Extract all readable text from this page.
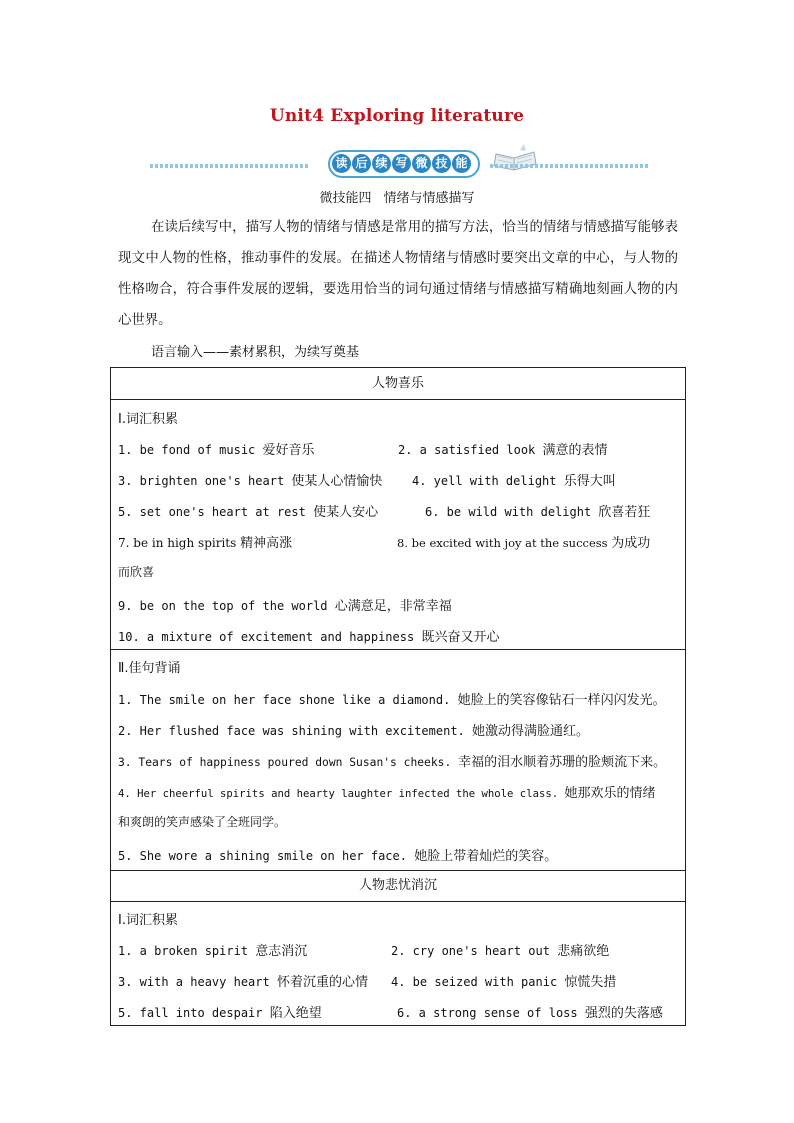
Unit4 Exploring literature
读 后 续 写 微 技 能
微技能四 情绪与情感描写
在读后续写中，描写人物的情绪与情感是常用的描写方法，恰当的情绪与情感描写能够表现文中人物的性格，推动事件的发展。在描述人物情绪与情感时要突出文章的中心，与人物的性格吻合，符合事件发展的逻辑，要选用恰当的词句通过情绪与情感描写精确地刻画人物的内心世界。
语言输入——素材累积，为续写奠基
人物喜乐
Ⅰ.词汇积累
1. be fond of music 爱好音乐	2. a satisfied look 满意的表情
3. brighten one's heart 使某人心情愉快	4. yell with delight 乐得大叫
5. set one's heart at rest 使某人安心	6. be wild with delight 欣喜若狂
7. be in high spirits 精神高涨	8. be excited with joy at the success 为成功
而欣喜
9. be on the top of the world 心满意足，非常幸福
10. a mixture of excitement and happiness 既兴奋又开心
Ⅱ.佳句背诵
1. The smile on her face shone like a diamond. 她脸上的笑容像钻石一样闪闪发光。
2. Her flushed face was shining with excitement. 她激动得满脸通红。
3. Tears of happiness poured down Susan's cheeks. 幸福的泪水顺着苏珊的脸颊流下来。
4. Her cheerful spirits and hearty laughter infected the whole class. 她那欢乐的情绪
和爽朗的笑声感染了全班同学。
5. She wore a shining smile on her face. 她脸上带着灿烂的笑容。
人物悲忧消沉
Ⅰ.词汇积累
1. a broken spirit 意志消沉	2. cry one's heart out 悲痛欲绝
3. with a heavy heart 怀着沉重的心情	4. be seized with panic 惊慌失措
5. fall into despair 陷入绝望	6. a strong sense of loss 强烈的失落感
